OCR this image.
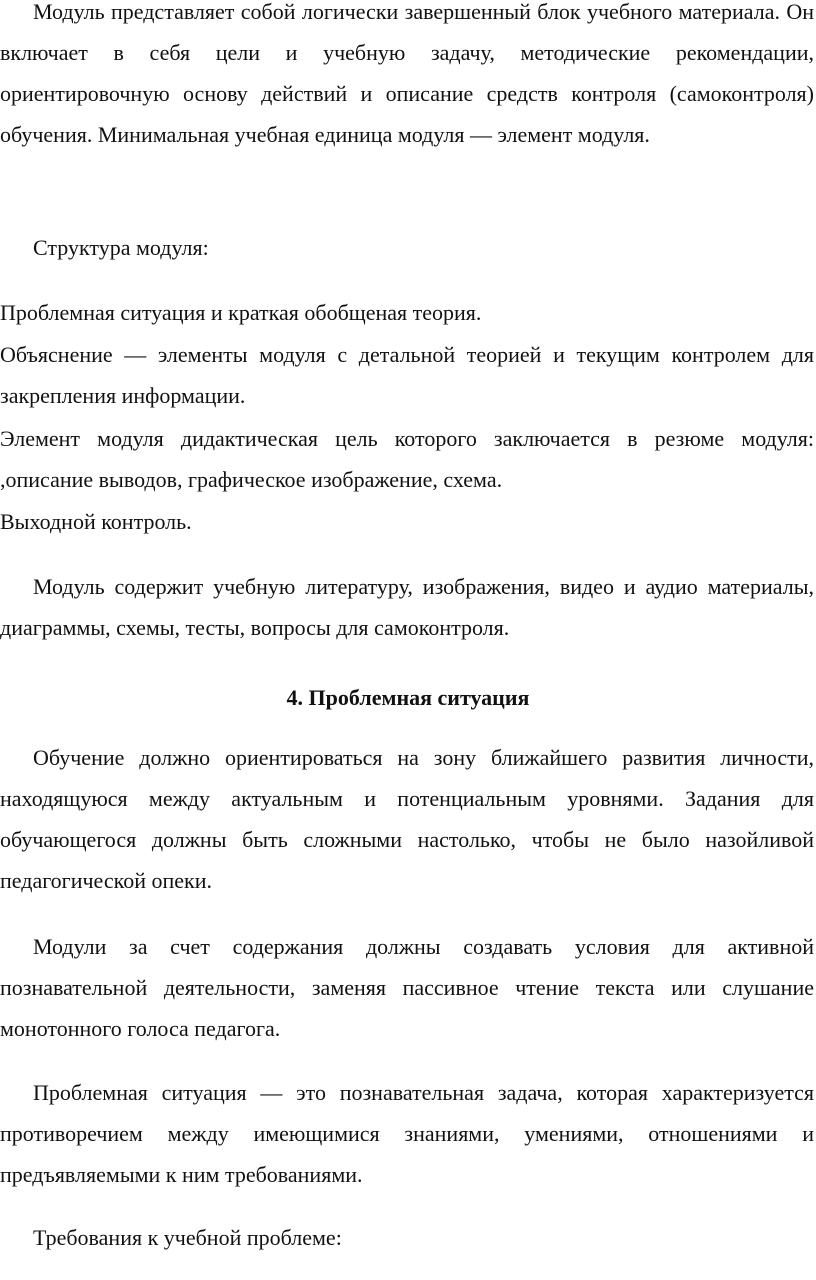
Модуль представляет собой логически завершенный блок учебного материала. Он включает в себя цели и учебную задачу, методические рекомендации, ориентировочную основу действий и описание средств контроля (самоконтроля) обучения. Минимальная учебная единица модуля — элемент модуля.

Структура модуля:

Проблемная ситуация и краткая обобщеная теория.

Объяснение — элементы модуля с детальной теорией и текущим контролем для закрепления информации.

Элемент модуля дидактическая цель которого заключается в резюме модуля: ,описание выводов, графическое изображение, схема.

Выходной контроль.

Модуль содержит учебную литературу, изображения, видео и аудио материалы, диаграммы, схемы, тесты, вопросы для самоконтроля.

4. Проблемная ситуация

Обучение должно ориентироваться на зону ближайшего развития личности, находящуюся между актуальным и потенциальным уровнями. Задания для обучающегося должны быть сложными настолько, чтобы не было назойливой педагогической опеки.

Модули за счет содержания должны создавать условия для активной познавательной деятельности, заменяя пассивное чтение текста или слушание монотонного голоса педагога.

Проблемная ситуация — это познавательная задача, которая характеризуется противоречием между имеющимися знаниями, умениями, отношениями и предъявляемыми к ним требованиями.

Требования к учебной проблеме:
